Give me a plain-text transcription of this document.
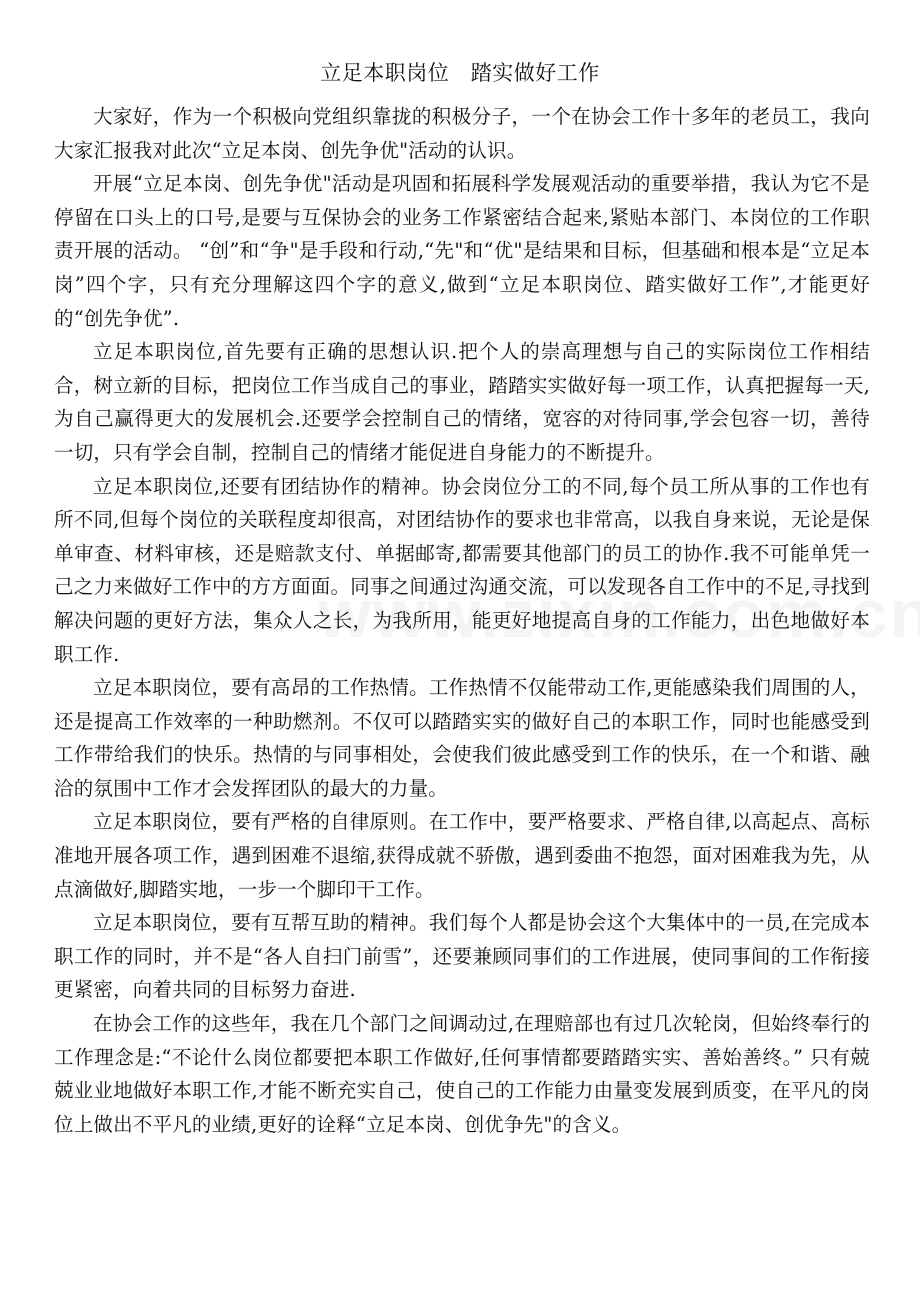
立足本职岗位   踏实做好工作

大家好，作为一个积极向党组织靠拢的积极分子，一个在协会工作十多年的老员工，我向大家汇报我对此次“立足本岗、创先争优"活动的认识。

开展“立足本岗、创先争优"活动是巩固和拓展科学发展观活动的重要举措，我认为它不是停留在口头上的口号,是要与互保协会的业务工作紧密结合起来,紧贴本部门、本岗位的工作职责开展的活动。 “创”和“争"是手段和行动,“先"和“优"是结果和目标，但基础和根本是“立足本岗”四个字，只有充分理解这四个字的意义,做到“立足本职岗位、踏实做好工作”,才能更好的“创先争优”.

立足本职岗位,首先要有正确的思想认识.把个人的崇高理想与自己的实际岗位工作相结合，树立新的目标，把岗位工作当成自己的事业，踏踏实实做好每一项工作，认真把握每一天,为自己赢得更大的发展机会.还要学会控制自己的情绪，宽容的对待同事,学会包容一切，善待一切，只有学会自制，控制自己的情绪才能促进自身能力的不断提升。

立足本职岗位,还要有团结协作的精神。协会岗位分工的不同,每个员工所从事的工作也有所不同,但每个岗位的关联程度却很高，对团结协作的要求也非常高，以我自身来说，无论是保单审查、材料审核，还是赔款支付、单据邮寄,都需要其他部门的员工的协作.我不可能单凭一己之力来做好工作中的方方面面。同事之间通过沟通交流，可以发现各自工作中的不足,寻找到解决问题的更好方法，集众人之长，为我所用，能更好地提高自身的工作能力，出色地做好本职工作.

立足本职岗位，要有高昂的工作热情。工作热情不仅能带动工作,更能感染我们周围的人，还是提高工作效率的一种助燃剂。不仅可以踏踏实实的做好自己的本职工作，同时也能感受到工作带给我们的快乐。热情的与同事相处，会使我们彼此感受到工作的快乐，在一个和谐、融洽的氛围中工作才会发挥团队的最大的力量。

立足本职岗位，要有严格的自律原则。在工作中，要严格要求、严格自律,以高起点、高标准地开展各项工作，遇到困难不退缩,获得成就不骄傲，遇到委曲不抱怨，面对困难我为先，从点滴做好,脚踏实地，一步一个脚印干工作。

立足本职岗位，要有互帮互助的精神。我们每个人都是协会这个大集体中的一员,在完成本职工作的同时，并不是“各人自扫门前雪”，还要兼顾同事们的工作进展，使同事间的工作衔接更紧密，向着共同的目标努力奋进.

在协会工作的这些年，我在几个部门之间调动过,在理赔部也有过几次轮岗，但始终奉行的工作理念是:“不论什么岗位都要把本职工作做好,任何事情都要踏踏实实、善始善终。” 只有兢兢业业地做好本职工作,才能不断充实自己，使自己的工作能力由量变发展到质变，在平凡的岗位上做出不平凡的业绩,更好的诠释“立足本岗、创优争先"的含义。
